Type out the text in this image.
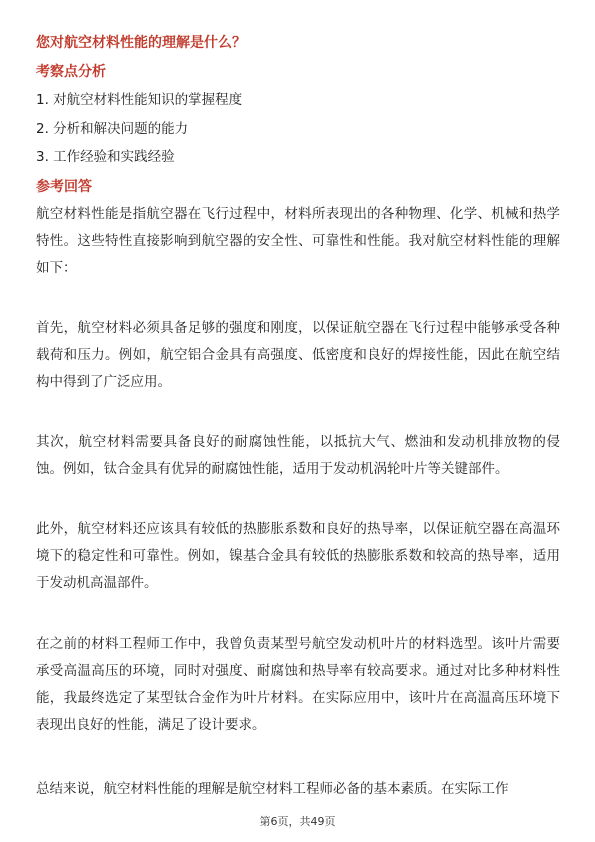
您对航空材料性能的理解是什么？
考察点分析
1. 对航空材料性能知识的掌握程度
2. 分析和解决问题的能力
3. 工作经验和实践经验
参考回答
航空材料性能是指航空器在飞行过程中，材料所表现出的各种物理、化学、机械和热学特性。这些特性直接影响到航空器的安全性、可靠性和性能。我对航空材料性能的理解如下：
首先，航空材料必须具备足够的强度和刚度，以保证航空器在飞行过程中能够承受各种载荷和压力。例如，航空铝合金具有高强度、低密度和良好的焊接性能，因此在航空结构中得到了广泛应用。
其次，航空材料需要具备良好的耐腐蚀性能，以抵抗大气、燃油和发动机排放物的侵蚀。例如，钛合金具有优异的耐腐蚀性能，适用于发动机涡轮叶片等关键部件。
此外，航空材料还应该具有较低的热膨胀系数和良好的热导率，以保证航空器在高温环境下的稳定性和可靠性。例如，镍基合金具有较低的热膨胀系数和较高的热导率，适用于发动机高温部件。
在之前的材料工程师工作中，我曾负责某型号航空发动机叶片的材料选型。该叶片需要承受高温高压的环境，同时对强度、耐腐蚀和热导率有较高要求。通过对比多种材料性能，我最终选定了某型钛合金作为叶片材料。在实际应用中，该叶片在高温高压环境下表现出良好的性能，满足了设计要求。
总结来说，航空材料性能的理解是航空材料工程师必备的基本素质。在实际工作
第6页，共49页
